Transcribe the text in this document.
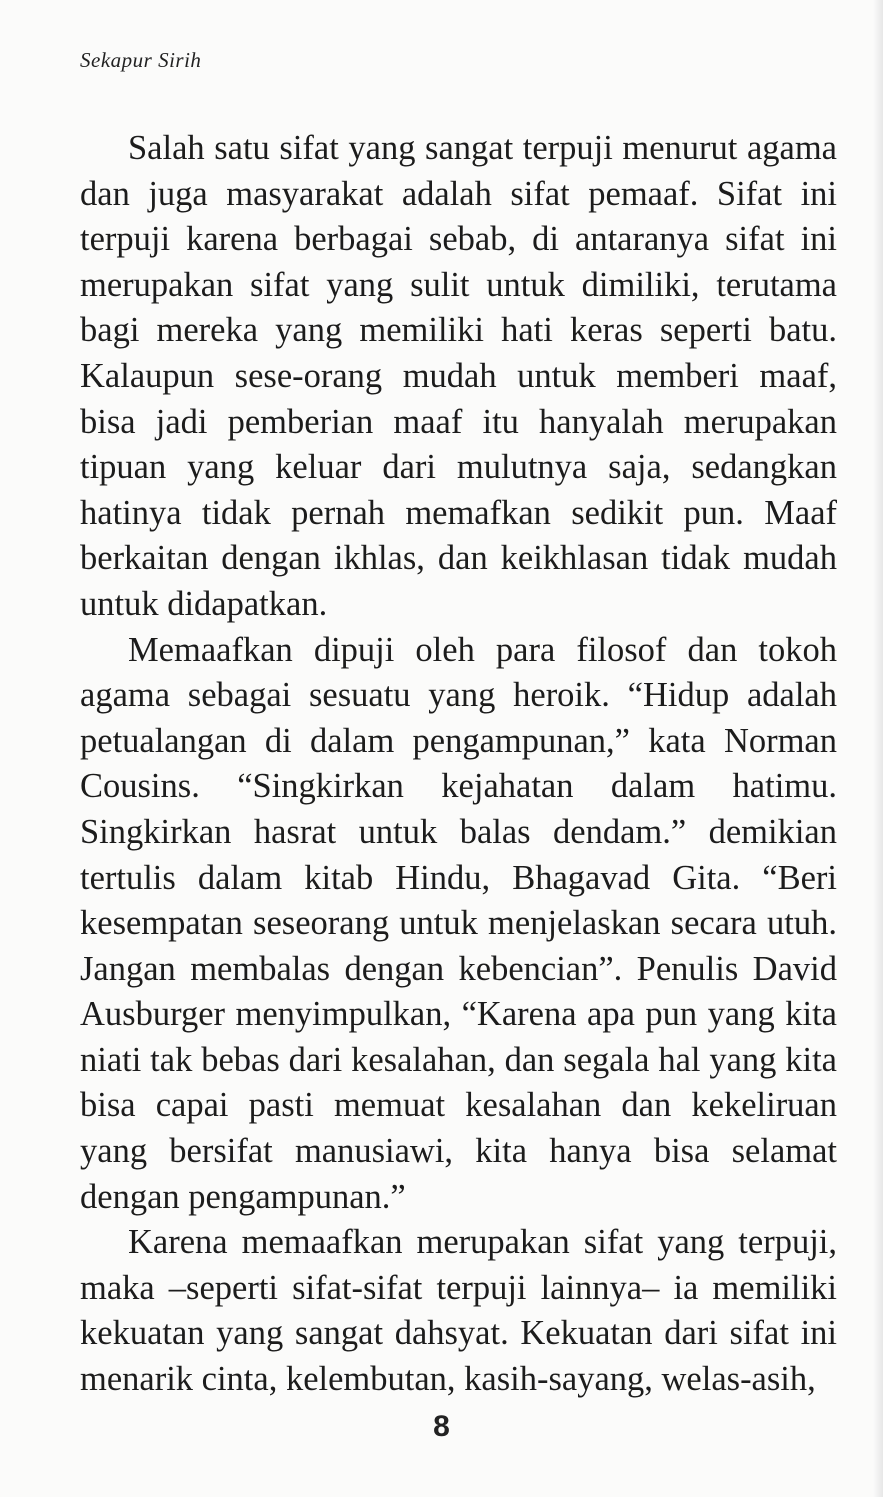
Sekapur Sirih

Salah satu sifat yang sangat terpuji menurut agama dan juga masyarakat adalah sifat pemaaf. Sifat ini terpuji karena berbagai sebab, di antaranya sifat ini merupakan sifat yang sulit untuk dimiliki, terutama bagi mereka yang memiliki hati keras seperti batu. Kalaupun sese-orang mudah untuk memberi maaf, bisa jadi pemberian maaf itu hanyalah merupakan tipuan yang keluar dari mulutnya saja, sedangkan hatinya tidak pernah memafkan sedikit pun. Maaf berkaitan dengan ikhlas, dan keikhlasan tidak mudah untuk didapatkan.

Memaafkan dipuji oleh para filosof dan tokoh agama sebagai sesuatu yang heroik. “Hidup adalah petualangan di dalam pengampunan,” kata Norman Cousins. “Singkirkan kejahatan dalam hatimu. Singkirkan hasrat untuk balas dendam.” demikian tertulis dalam kitab Hindu, Bhagavad Gita. “Beri kesempatan seseorang untuk menjelaskan secara utuh. Jangan membalas dengan kebencian”. Penulis David Ausburger menyimpulkan, “Karena apa pun yang kita niati tak bebas dari kesalahan, dan segala hal yang kita bisa capai pasti memuat kesalahan dan kekeliruan yang bersifat manusiawi, kita hanya bisa selamat dengan pengampunan.”

Karena memaafkan merupakan sifat yang terpuji, maka –seperti sifat-sifat terpuji lainnya– ia memiliki kekuatan yang sangat dahsyat. Kekuatan dari sifat ini menarik cinta, kelembutan, kasih-sayang, welas-asih,

8
